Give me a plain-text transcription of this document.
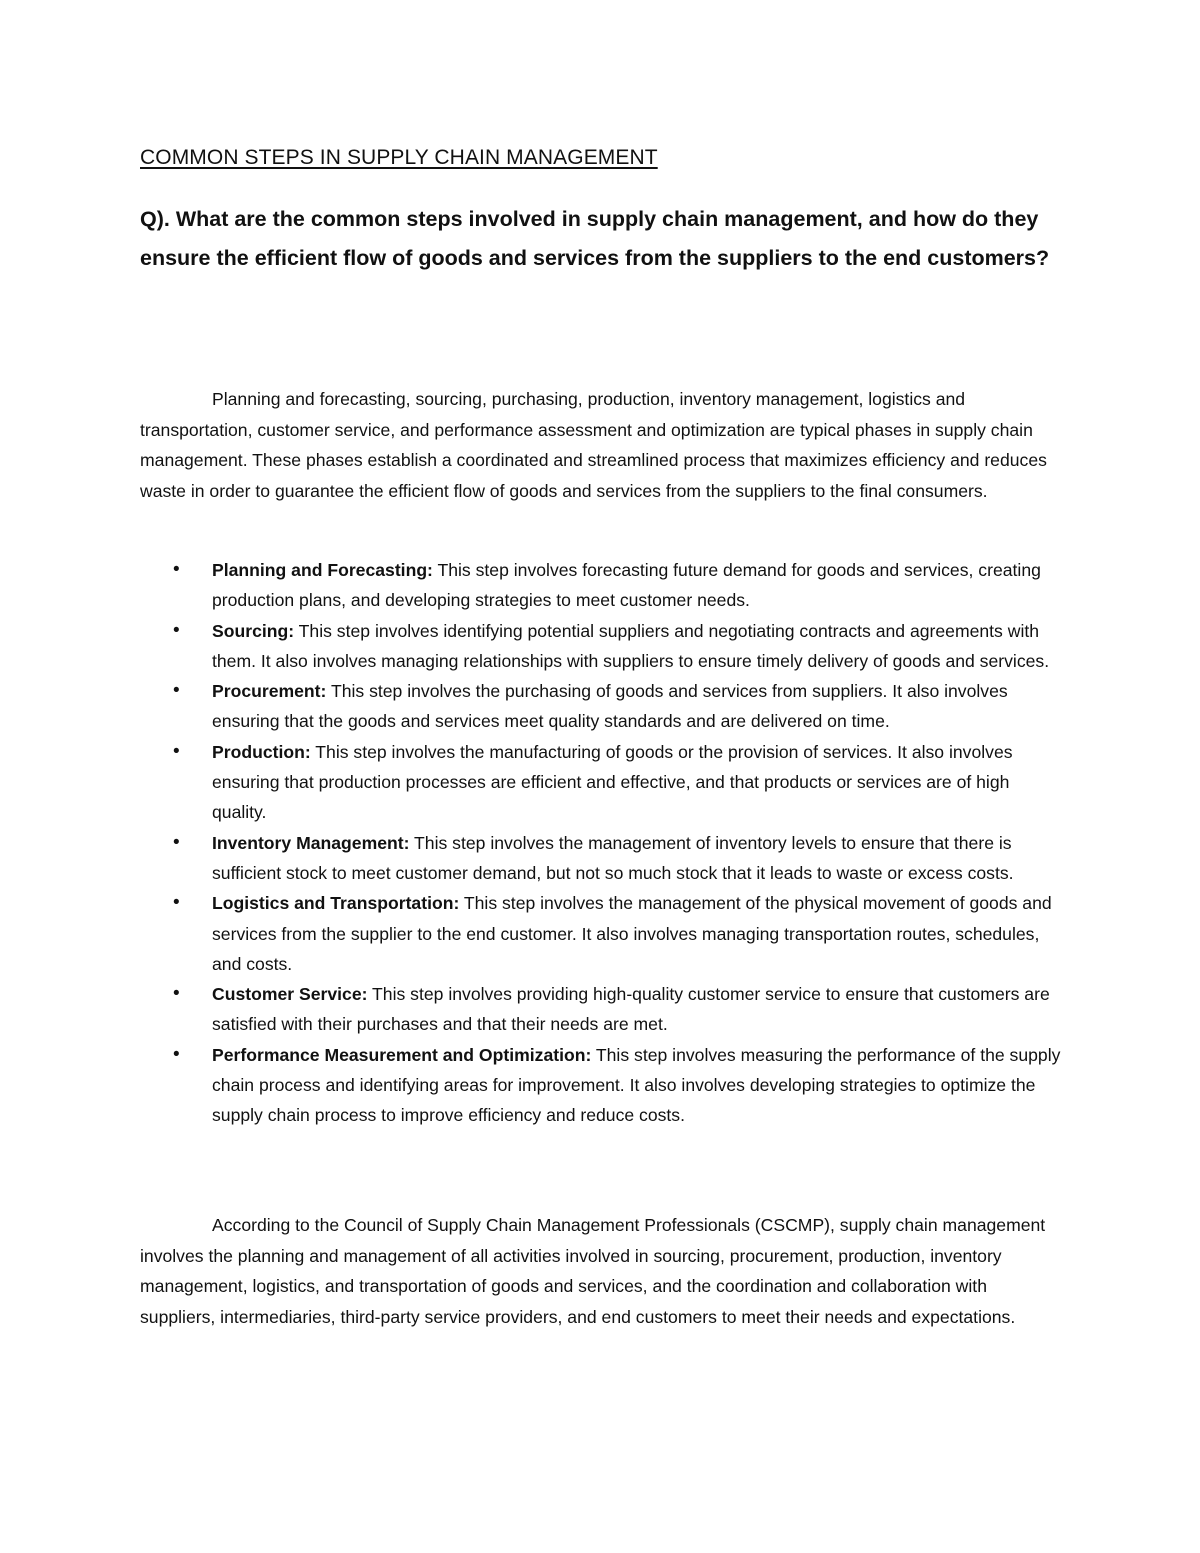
COMMON STEPS IN SUPPLY CHAIN MANAGEMENT

Q). What are the common steps involved in supply chain management, and how do they ensure the efficient flow of goods and services from the suppliers to the end customers?

Planning and forecasting, sourcing, purchasing, production, inventory management, logistics and transportation, customer service, and performance assessment and optimization are typical phases in supply chain management. These phases establish a coordinated and streamlined process that maximizes efficiency and reduces waste in order to guarantee the efficient flow of goods and services from the suppliers to the final consumers.

• Planning and Forecasting: This step involves forecasting future demand for goods and services, creating production plans, and developing strategies to meet customer needs.
• Sourcing: This step involves identifying potential suppliers and negotiating contracts and agreements with them. It also involves managing relationships with suppliers to ensure timely delivery of goods and services.
• Procurement: This step involves the purchasing of goods and services from suppliers. It also involves ensuring that the goods and services meet quality standards and are delivered on time.
• Production: This step involves the manufacturing of goods or the provision of services. It also involves ensuring that production processes are efficient and effective, and that products or services are of high quality.
• Inventory Management: This step involves the management of inventory levels to ensure that there is sufficient stock to meet customer demand, but not so much stock that it leads to waste or excess costs.
• Logistics and Transportation: This step involves the management of the physical movement of goods and services from the supplier to the end customer. It also involves managing transportation routes, schedules, and costs.
• Customer Service: This step involves providing high-quality customer service to ensure that customers are satisfied with their purchases and that their needs are met.
• Performance Measurement and Optimization: This step involves measuring the performance of the supply chain process and identifying areas for improvement. It also involves developing strategies to optimize the supply chain process to improve efficiency and reduce costs.

According to the Council of Supply Chain Management Professionals (CSCMP), supply chain management involves the planning and management of all activities involved in sourcing, procurement, production, inventory management, logistics, and transportation of goods and services, and the coordination and collaboration with suppliers, intermediaries, third-party service providers, and end customers to meet their needs and expectations.
